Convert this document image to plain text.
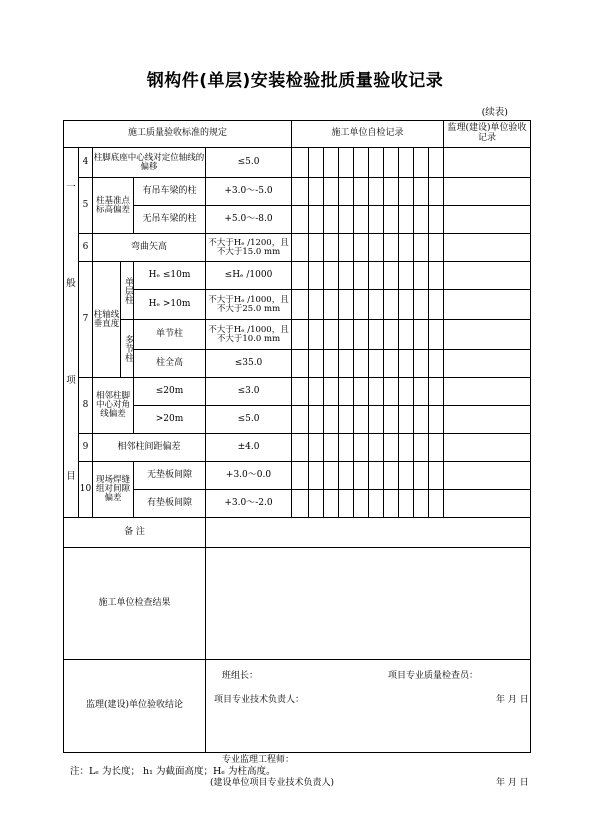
钢构件(单层)安装检验批质量验收记录
(续表)
施工质量验收标准的规定						施工单位自检记录										监理(建设)单位验收记录

一
般
项
目	4	柱脚底座中心线对定位轴线的偏移			≤5.0											
	5	柱基准点标高偏差		有吊车梁的柱	+3.0～-5.0											
				无吊车梁的柱	+5.0～-8.0											
	6	弯曲矢高			不大于Hₑ /1200，且不大于15.0 mm											
	7	柱轴线垂直度	单层柱	Hₑ ≤10m	≤Hₑ /1000											
				Hₑ >10m	不大于Hₑ /1000，且不大于25.0 mm											
			多节柱	单节柱	不大于Hₑ /1000，且不大于10.0 mm											
				柱全高	≤35.0											
	8	相邻柱脚中心对角线偏差		≤20m	≤3.0											
				>20m	≤5.0											
	9	相邻柱间距偏差			±4.0											
	10	现场焊缝组对间隙偏差		无垫板间隙	+3.0～0.0											
				有垫板间隙	+3.0～-2.0											
备 注																
施工单位检查结果					班组长： 项目专业质量检查员：
项目专业技术负责人： 年 月 日											

监理(建设)单位验收结论					专业监理工程师：
(建设单位项目专业技术负责人) 年 月 日											
注：Lₑ 为长度； h₁ 为截面高度；Hₑ 为柱高度。
